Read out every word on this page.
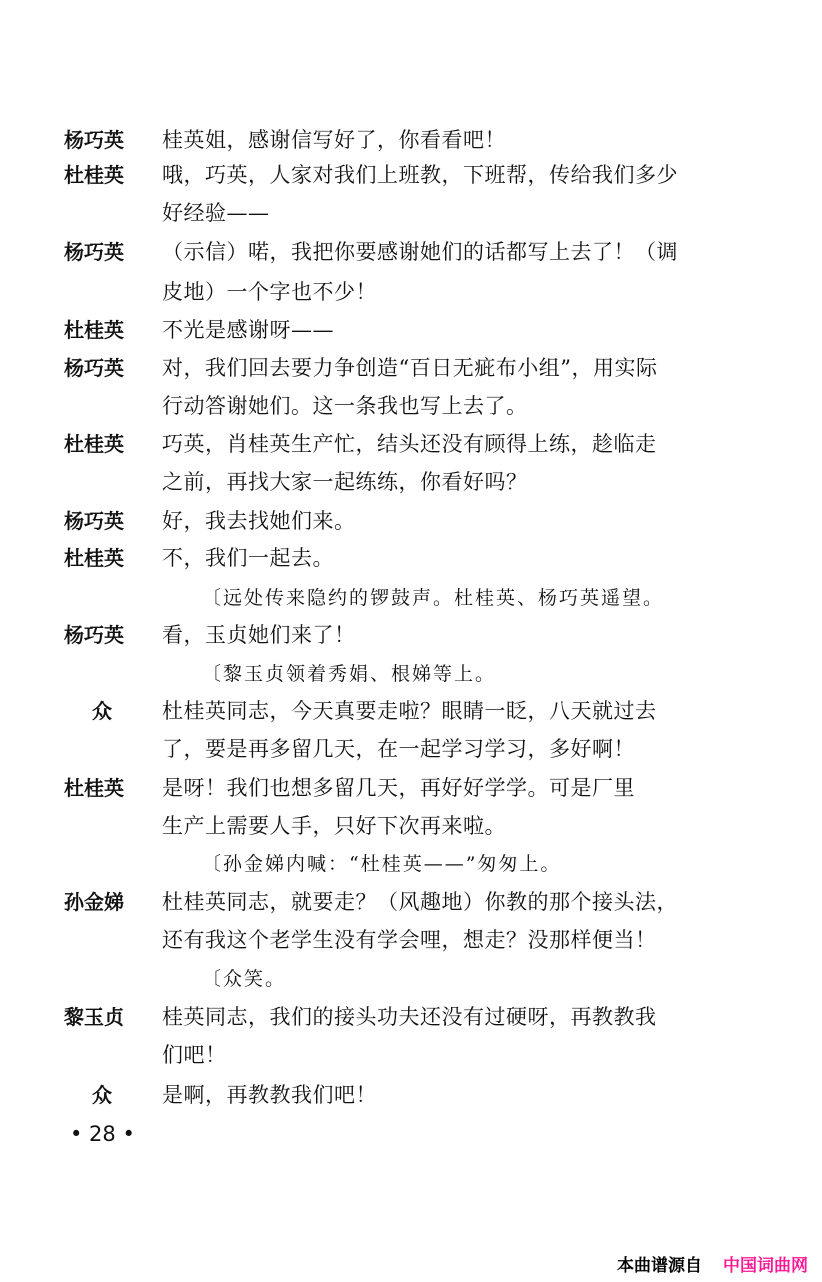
杨巧英	桂英姐，感谢信写好了，你看看吧！
杜桂英	哦，巧英，人家对我们上班教，下班帮，传给我们多少
好经验——
杨巧英	（示信）喏，我把你要感谢她们的话都写上去了！（调
皮地）一个字也不少！
杜桂英	不光是感谢呀——
杨巧英	对，我们回去要力争创造“百日无疵布小组”，用实际
行动答谢她们。这一条我也写上去了。
杜桂英	巧英，肖桂英生产忙，结头还没有顾得上练，趁临走
之前，再找大家一起练练，你看好吗？
杨巧英	好，我去找她们来。
杜桂英	不，我们一起去。
〔远处传来隐约的锣鼓声。杜桂英、杨巧英遥望。
杨巧英	看，玉贞她们来了！
〔黎玉贞领着秀娟、根娣等上。
众	杜桂英同志，今天真要走啦？眼睛一眨，八天就过去
了，要是再多留几天，在一起学习学习，多好啊！
杜桂英	是呀！我们也想多留几天，再好好学学。可是厂里
生产上需要人手，只好下次再来啦。
〔孙金娣内喊：“杜桂英——”匆匆上。
孙金娣	杜桂英同志，就要走？（风趣地）你教的那个接头法，
还有我这个老学生没有学会哩，想走？没那样便当！
〔众笑。
黎玉贞	桂英同志，我们的接头功夫还没有过硬呀，再教教我
们吧！
众	是啊，再教教我们吧！
• 28 •
本曲谱源自 中国词曲网
